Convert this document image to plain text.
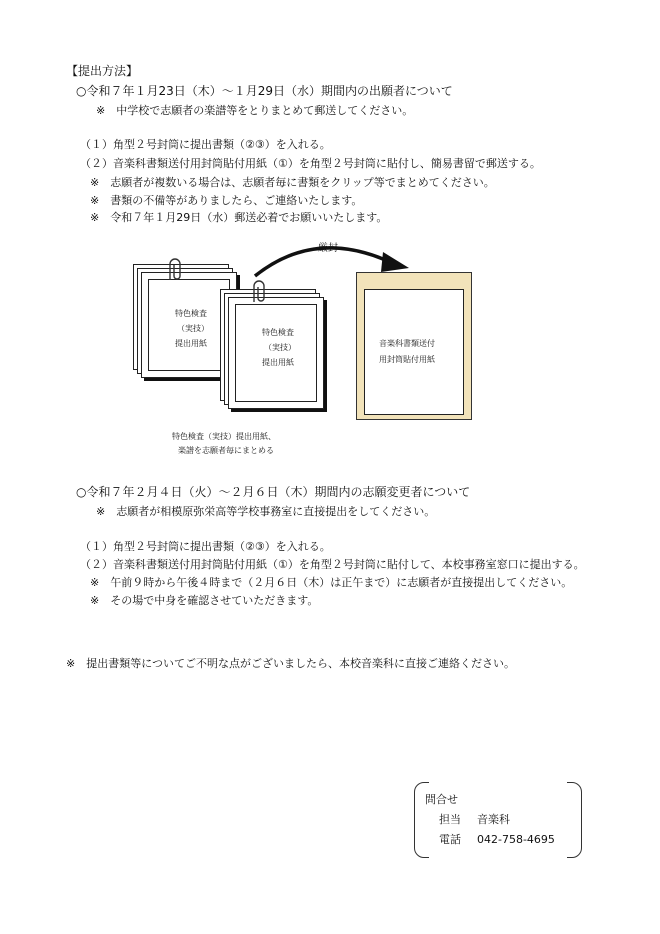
【提出方法】
○令和７年１月23日（木）～１月29日（水）期間内の出願者について
※　中学校で志願者の楽譜等をとりまとめて郵送してください。
（１）角型２号封筒に提出書類（②③）を入れる。
（２）音楽科書類送付用封筒貼付用紙（①）を角型２号封筒に貼付し、簡易書留で郵送する。
※　志願者が複数いる場合は、志願者毎に書類をクリップ等でまとめてください。
※　書類の不備等がありましたら、ご連絡いたします。
※　令和７年１月29日（水）郵送必着でお願いいたします。
特色検査
（実技）
提出用紙
特色検査
（実技）
提出用紙
厳封
音楽科書類送付
用封筒貼付用紙
特色検査（実技）提出用紙、
楽譜を志願者毎にまとめる
○令和７年２月４日（火）～２月６日（木）期間内の志願変更者について
※　志願者が相模原弥栄高等学校事務室に直接提出をしてください。
（１）角型２号封筒に提出書類（②③）を入れる。
（２）音楽科書類送付用封筒貼付用紙（①）を角型２号封筒に貼付して、本校事務室窓口に提出する。
※　午前９時から午後４時まで（２月６日（木）は正午まで）に志願者が直接提出してください。
※　その場で中身を確認させていただきます。
※　提出書類等についてご不明な点がございましたら、本校音楽科に直接ご連絡ください。
問合せ
担当 音楽科
電話 042-758-4695
